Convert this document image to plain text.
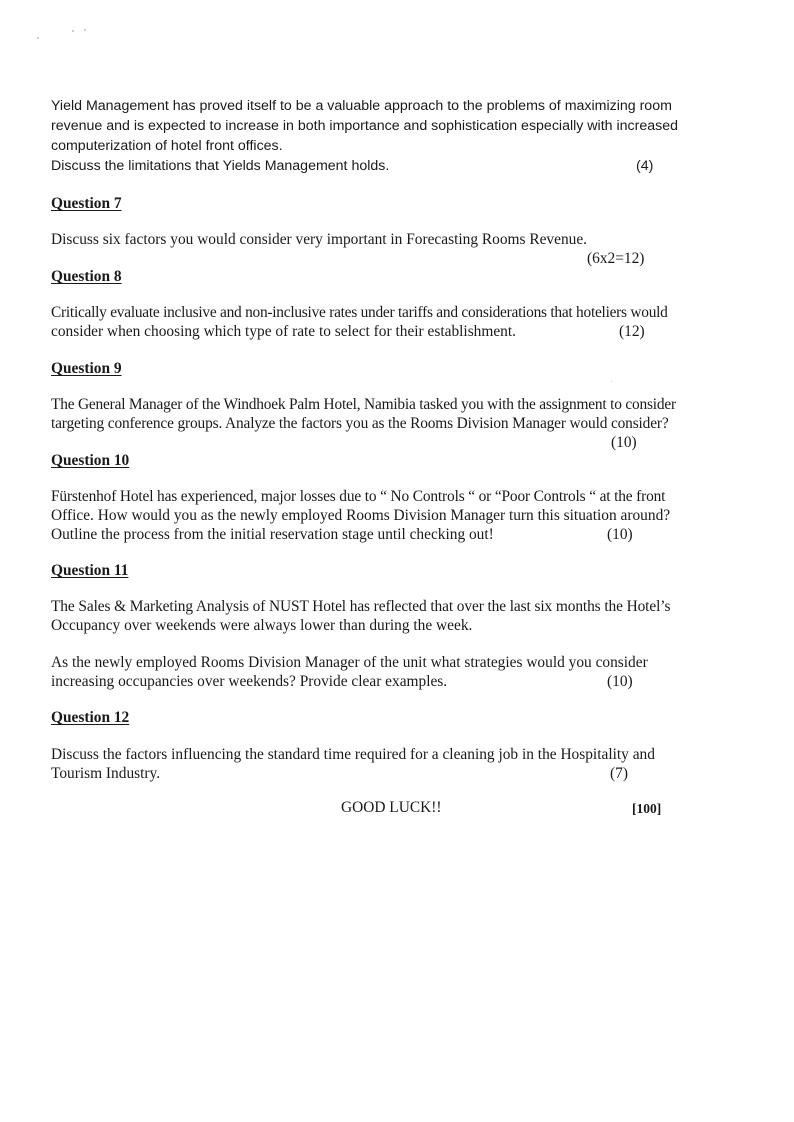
Yield Management has proved itself to be a valuable approach to the problems of maximizing room
revenue and is expected to increase in both importance and sophistication especially with increased
computerization of hotel front offices.
Discuss the limitations that Yields Management holds.	(4)
Question 7
Discuss six factors you would consider very important in Forecasting Rooms Revenue.
(6x2=12)
Question 8
Critically evaluate inclusive and non-inclusive rates under tariffs and considerations that hoteliers would
consider when choosing which type of rate to select for their establishment.	(12)
Question 9
The General Manager of the Windhoek Palm Hotel, Namibia tasked you with the assignment to consider
targeting conference groups. Analyze the factors you as the Rooms Division Manager would consider?
(10)
Question 10
Fürstenhof Hotel has experienced, major losses due to “ No Controls “ or “Poor Controls “ at the front
Office. How would you as the newly employed Rooms Division Manager turn this situation around?
Outline the process from the initial reservation stage until checking out!	(10)
Question 11
The Sales & Marketing Analysis of NUST Hotel has reflected that over the last six months the Hotel’s
Occupancy over weekends were always lower than during the week.
As the newly employed Rooms Division Manager of the unit what strategies would you consider
increasing occupancies over weekends? Provide clear examples.	(10)
Question 12
Discuss the factors influencing the standard time required for a cleaning job in the Hospitality and
Tourism Industry.	(7)
GOOD LUCK!!	[100]
